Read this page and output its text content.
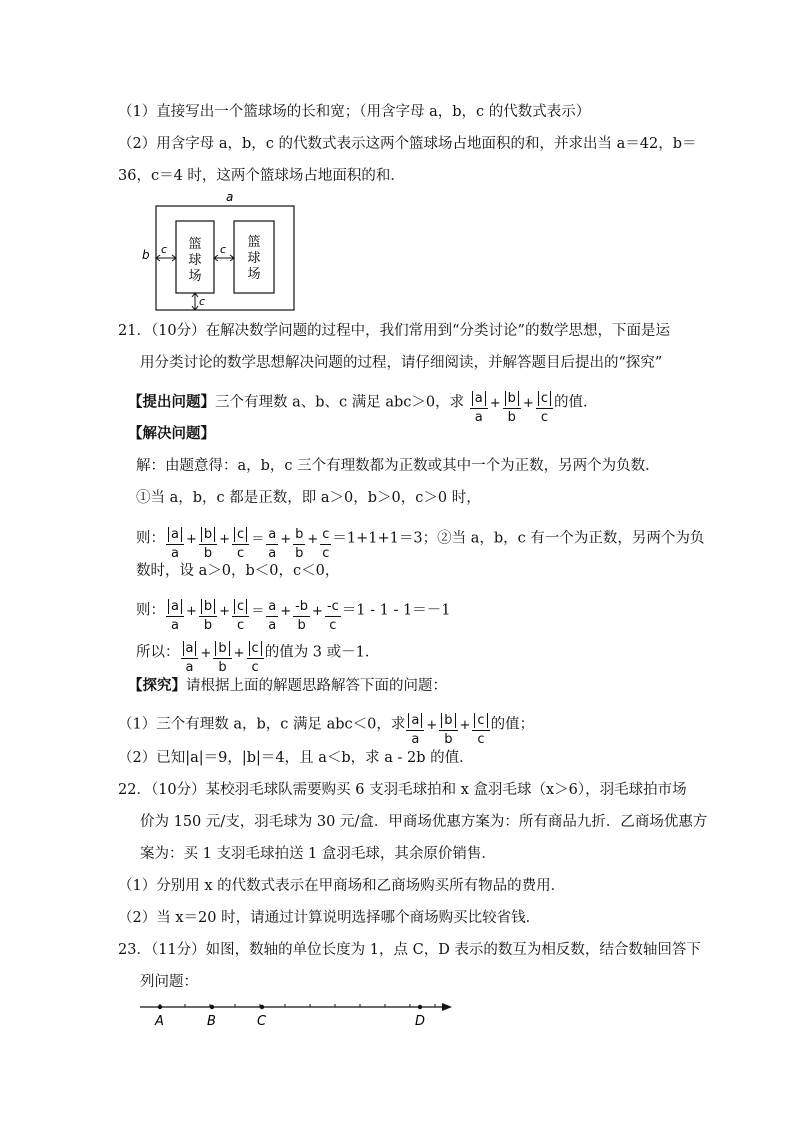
（1）直接写出一个篮球场的长和宽；（用含字母 a，b，c 的代数式表示）
（2）用含字母 a，b，c 的代数式表示这两个篮球场占地面积的和，并求出当 a＝42，b＝
36，c＝4 时，这两个篮球场占地面积的和．
a
b
篮
球
场
篮
球
场
c	c
c
21．（10分）在解决数学问题的过程中，我们常用到“分类讨论”的数学思想，下面是运
用分类讨论的数学思想解决问题的过程，请仔细阅读，并解答题目后提出的“探究”
【提出问题】三个有理数 a、b、c 满足 abc＞0，求 $\frac{a}{a} + \frac{b}{b} + \frac{c}{c}$ 的值．
【解决问题】
解：由题意得：a，b，c 三个有理数都为正数或其中一个为正数，另两个为负数．
①当 a，b，c 都是正数，即 a＞0，b＞0，c＞0 时，
则： $\frac{a}{a} + \frac{b}{b} + \frac{c}{c} = \frac{a}{a} + \frac{b}{b} + \frac{c}{c} =1+1+1=3$；②当 a，b，c 有一个为正数，另两个为负
数时，设 a＞0，b＜0，c＜0，
则： $\frac{a}{a} + \frac{b}{b} + \frac{c}{c} = \frac{a}{a} + \frac{-b}{b} + \frac{-c}{c} =1 - 1 - 1=-1$
所以： $\frac{a}{a} + \frac{b}{b} + \frac{c}{c}$ 的值为 3 或－1．
【探究】请根据上面的解题思路解答下面的问题：
（1）三个有理数 a，b，c 满足 abc＜0，求 $\frac{a}{a} + \frac{b}{b} + \frac{c}{c}$ 的值；
（2）已知|a|＝9，|b|＝4，且 a＜b，求 a - 2b 的值．
22．（10分）某校羽毛球队需要购买 6 支羽毛球拍和 x 盒羽毛球（x＞6），羽毛球拍市场
价为 150 元/支，羽毛球为 30 元/盒．甲商场优惠方案为：所有商品九折．乙商场优惠方
案为：买 1 支羽毛球拍送 1 盒羽毛球，其余原价销售．
（1）分别用 x 的代数式表示在甲商场和乙商场购买所有物品的费用．
（2）当 x＝20 时，请通过计算说明选择哪个商场购买比较省钱．
23．（11分）如图，数轴的单位长度为 1，点 C，D 表示的数互为相反数，结合数轴回答下
列问题：
A	B	C	D
